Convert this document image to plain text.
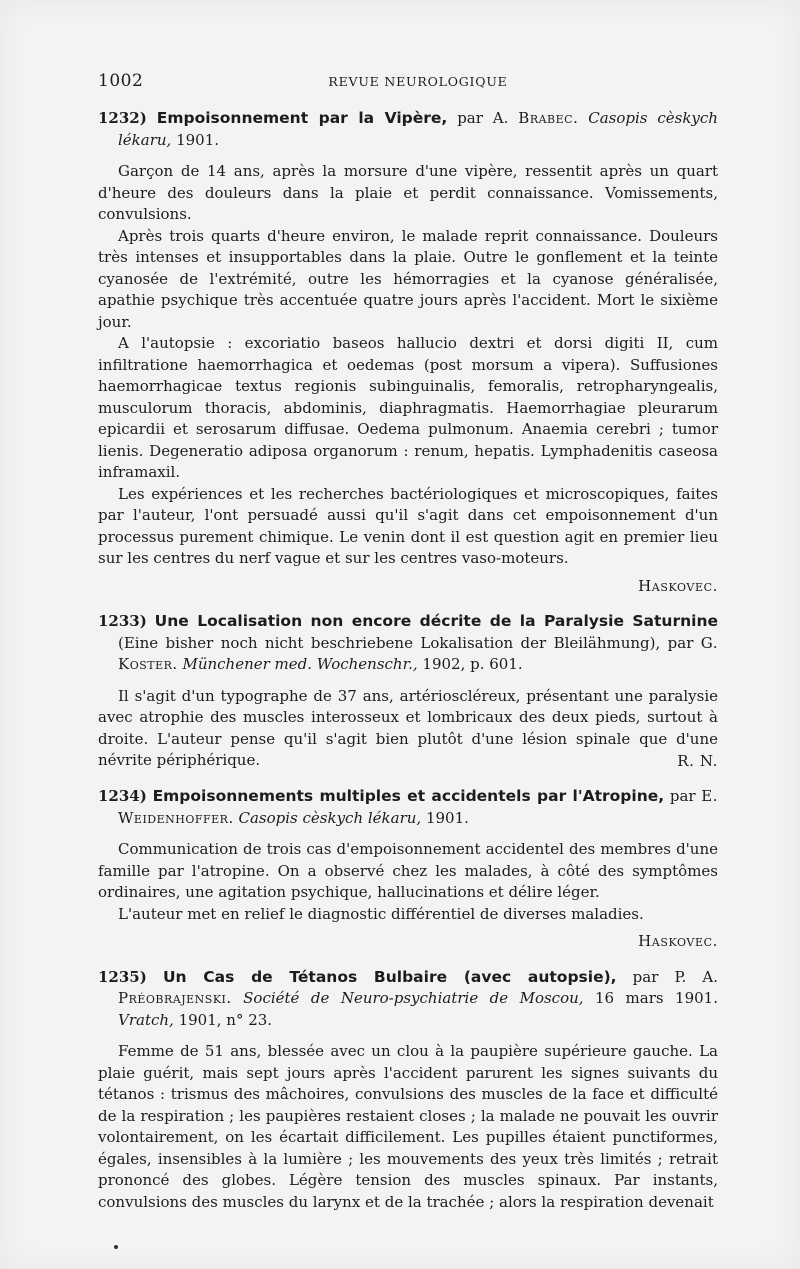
1002	REVUE NEUROLOGIQUE
1232) Empoisonnement par la Vipère, par A. Brabec. Casopis cèskych lékaru, 1901.

Garçon de 14 ans, après la morsure d'une vipère, ressentit après un quart d'heure des douleurs dans la plaie et perdit connaissance. Vomissements, convulsions.

Après trois quarts d'heure environ, le malade reprit connaissance. Douleurs très intenses et insupportables dans la plaie. Outre le gonflement et la teinte cyanosée de l'extrémité, outre les hémorragies et la cyanose généralisée, apathie psychique très accentuée quatre jours après l'accident. Mort le sixième jour.

A l'autopsie : excoriatio baseos hallucio dextri et dorsi digiti II, cum infiltratione haemorrhagica et oedemas (post morsum a vipera). Suffusiones haemorrhagicae textus regionis subinguinalis, femoralis, retropharyngealis, musculorum thoracis, abdominis, diaphragmatis. Haemorrhagiae pleurarum epicardii et serosarum diffusae. Oedema pulmonum. Anaemia cerebri ; tumor lienis. Degeneratio adiposa organorum : renum, hepatis. Lymphadenitis caseosa inframaxil.

Les expériences et les recherches bactériologiques et microscopiques, faites par l'auteur, l'ont persuadé aussi qu'il s'agit dans cet empoisonnement d'un processus purement chimique. Le venin dont il est question agit en premier lieu sur les centres du nerf vague et sur les centres vaso-moteurs.

Haskovec.
1233) Une Localisation non encore décrite de la Paralysie Saturnine (Eine bisher noch nicht beschriebene Lokalisation der Bleilähmung), par G. Koster. Münchener med. Wochenschr., 1902, p. 601.

Il s'agit d'un typographe de 37 ans, artérioscléreux, présentant une paralysie avec atrophie des muscles interosseux et lombricaux des deux pieds, surtout à droite. L'auteur pense qu'il s'agit bien plutôt d'une lésion spinale que d'une névrite périphérique.	R. N.
1234) Empoisonnements multiples et accidentels par l'Atropine, par E. Weidenhoffer. Casopis cèskych lékaru, 1901.

Communication de trois cas d'empoisonnement accidentel des membres d'une famille par l'atropine. On a observé chez les malades, à côté des symptômes ordinaires, une agitation psychique, hallucinations et délire léger.

L'auteur met en relief le diagnostic différentiel de diverses maladies.

Haskovec.
1235) Un Cas de Tétanos Bulbaire (avec autopsie), par P. A. Préobrajenski. Société de Neuro-psychiatrie de Moscou, 16 mars 1901. Vratch, 1901, n° 23.

Femme de 51 ans, blessée avec un clou à la paupière supérieure gauche. La plaie guérit, mais sept jours après l'accident parurent les signes suivants du tétanos : trismus des mâchoires, convulsions des muscles de la face et difficulté de la respiration ; les paupières restaient closes ; la malade ne pouvait les ouvrir volontairement, on les écartait difficilement. Les pupilles étaient punctiformes, égales, insensibles à la lumière ; les mouvements des yeux très limités ; retrait prononcé des globes. Légère tension des muscles spinaux. Par instants, convulsions des muscles du larynx et de la trachée ; alors la respiration devenait
